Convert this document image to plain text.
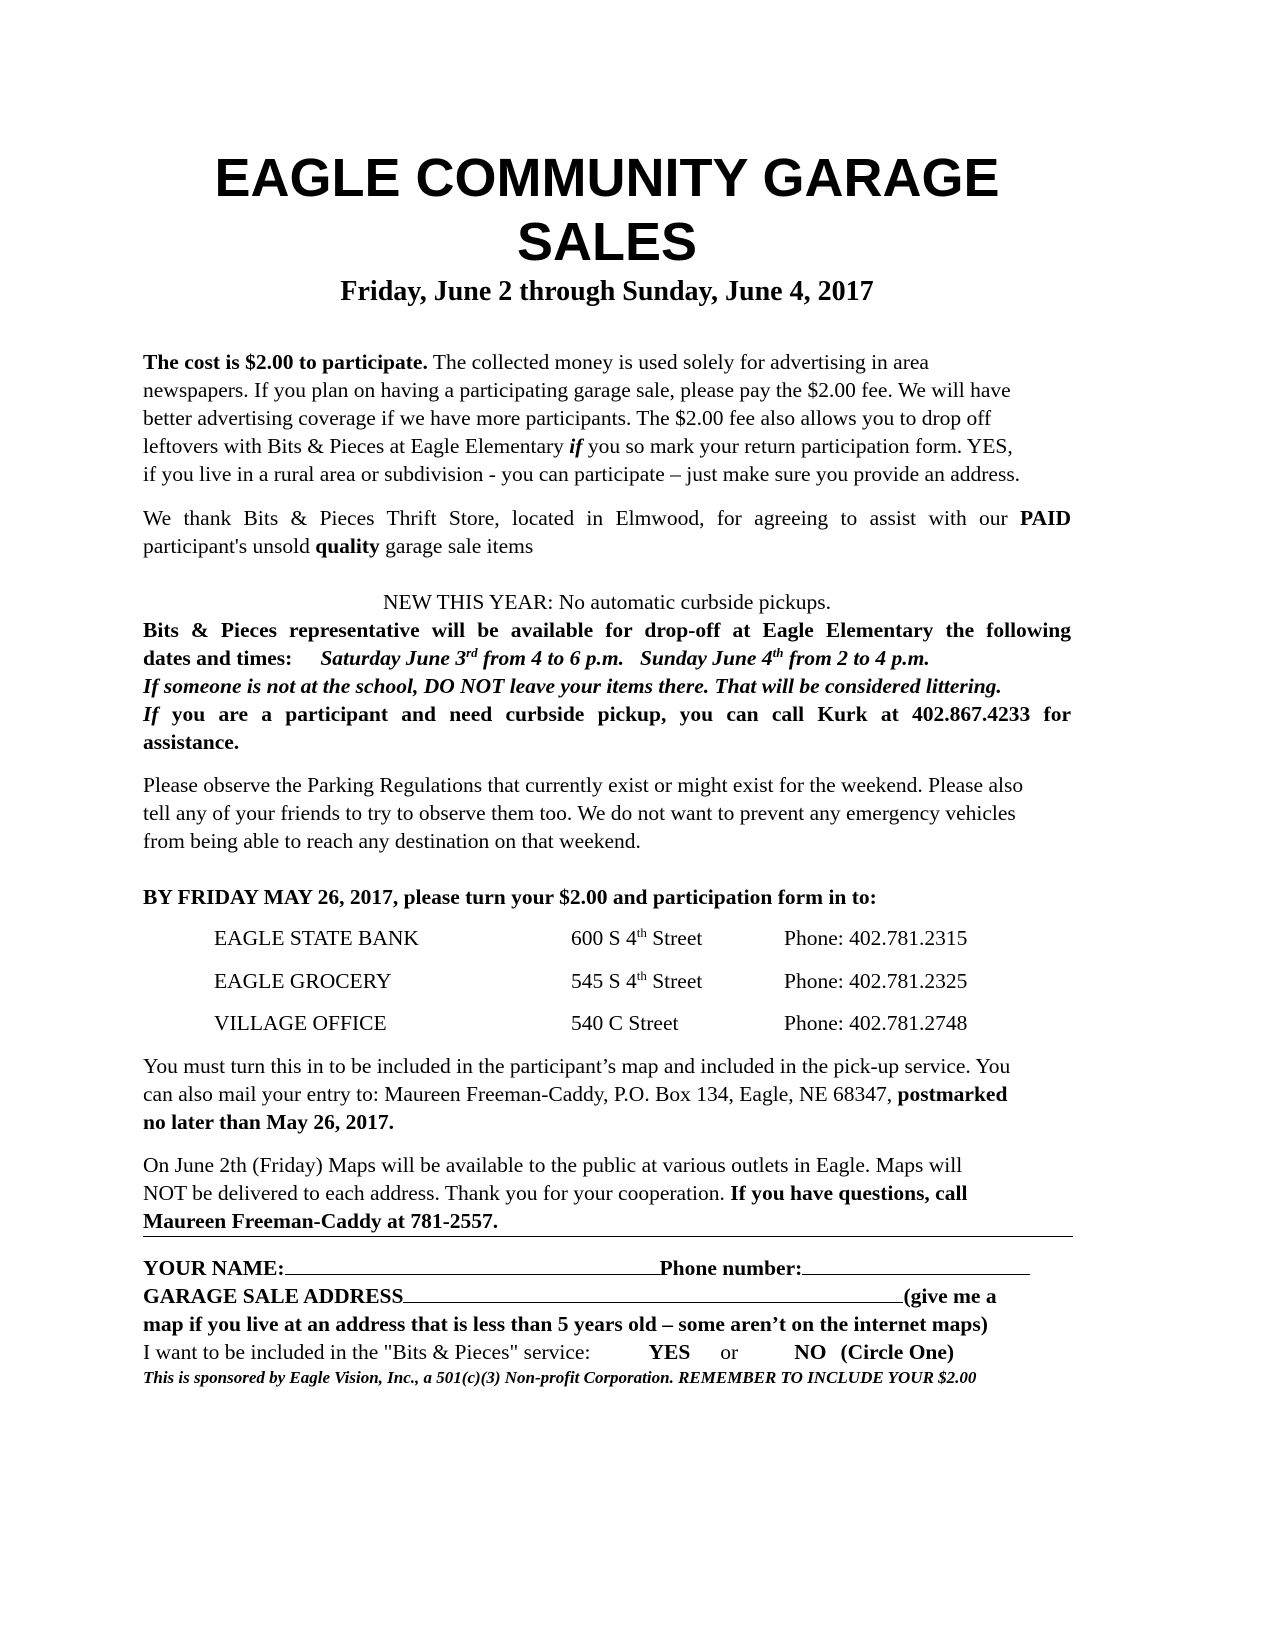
EAGLE COMMUNITY GARAGE
SALES
Friday, June 2 through Sunday, June 4, 2017
The cost is $2.00 to participate. The collected money is used solely for advertising in area
newspapers. If you plan on having a participating garage sale, please pay the $2.00 fee. We will have
better advertising coverage if we have more participants. The $2.00 fee also allows you to drop off
leftovers with Bits & Pieces at Eagle Elementary if you so mark your return participation form. YES,
if you live in a rural area or subdivision - you can participate – just make sure you provide an address.
We thank Bits & Pieces Thrift Store, located in Elmwood, for agreeing to assist with our PAID
participant's unsold quality garage sale items
NEW THIS YEAR: No automatic curbside pickups.
Bits & Pieces representative will be available for drop-off at Eagle Elementary the following
dates and times: Saturday June 3rd from 4 to 6 p.m. Sunday June 4th from 2 to 4 p.m.
If someone is not at the school, DO NOT leave your items there. That will be considered littering.
If you are a participant and need curbside pickup, you can call Kurk at 402.867.4233 for
assistance.
Please observe the Parking Regulations that currently exist or might exist for the weekend. Please also
tell any of your friends to try to observe them too. We do not want to prevent any emergency vehicles
from being able to reach any destination on that weekend.
BY FRIDAY MAY 26, 2017, please turn your $2.00 and participation form in to:
EAGLE STATE BANK	600 S 4th Street	Phone: 402.781.2315
EAGLE GROCERY	545 S 4th Street	Phone: 402.781.2325
VILLAGE OFFICE	540 C Street	Phone: 402.781.2748
You must turn this in to be included in the participant’s map and included in the pick-up service. You
can also mail your entry to: Maureen Freeman-Caddy, P.O. Box 134, Eagle, NE 68347, postmarked
no later than May 26, 2017.
On June 2th (Friday) Maps will be available to the public at various outlets in Eagle. Maps will
NOT be delivered to each address. Thank you for your cooperation. If you have questions, call
Maureen Freeman-Caddy at 781-2557.
YOUR NAME:	Phone number:
GARAGE SALE ADDRESS	(give me a
map if you live at an address that is less than 5 years old – some aren’t on the internet maps)
I want to be included in the "Bits & Pieces" service:	YES or	NO (Circle One)
This is sponsored by Eagle Vision, Inc., a 501(c)(3) Non-profit Corporation. REMEMBER TO INCLUDE YOUR $2.00
